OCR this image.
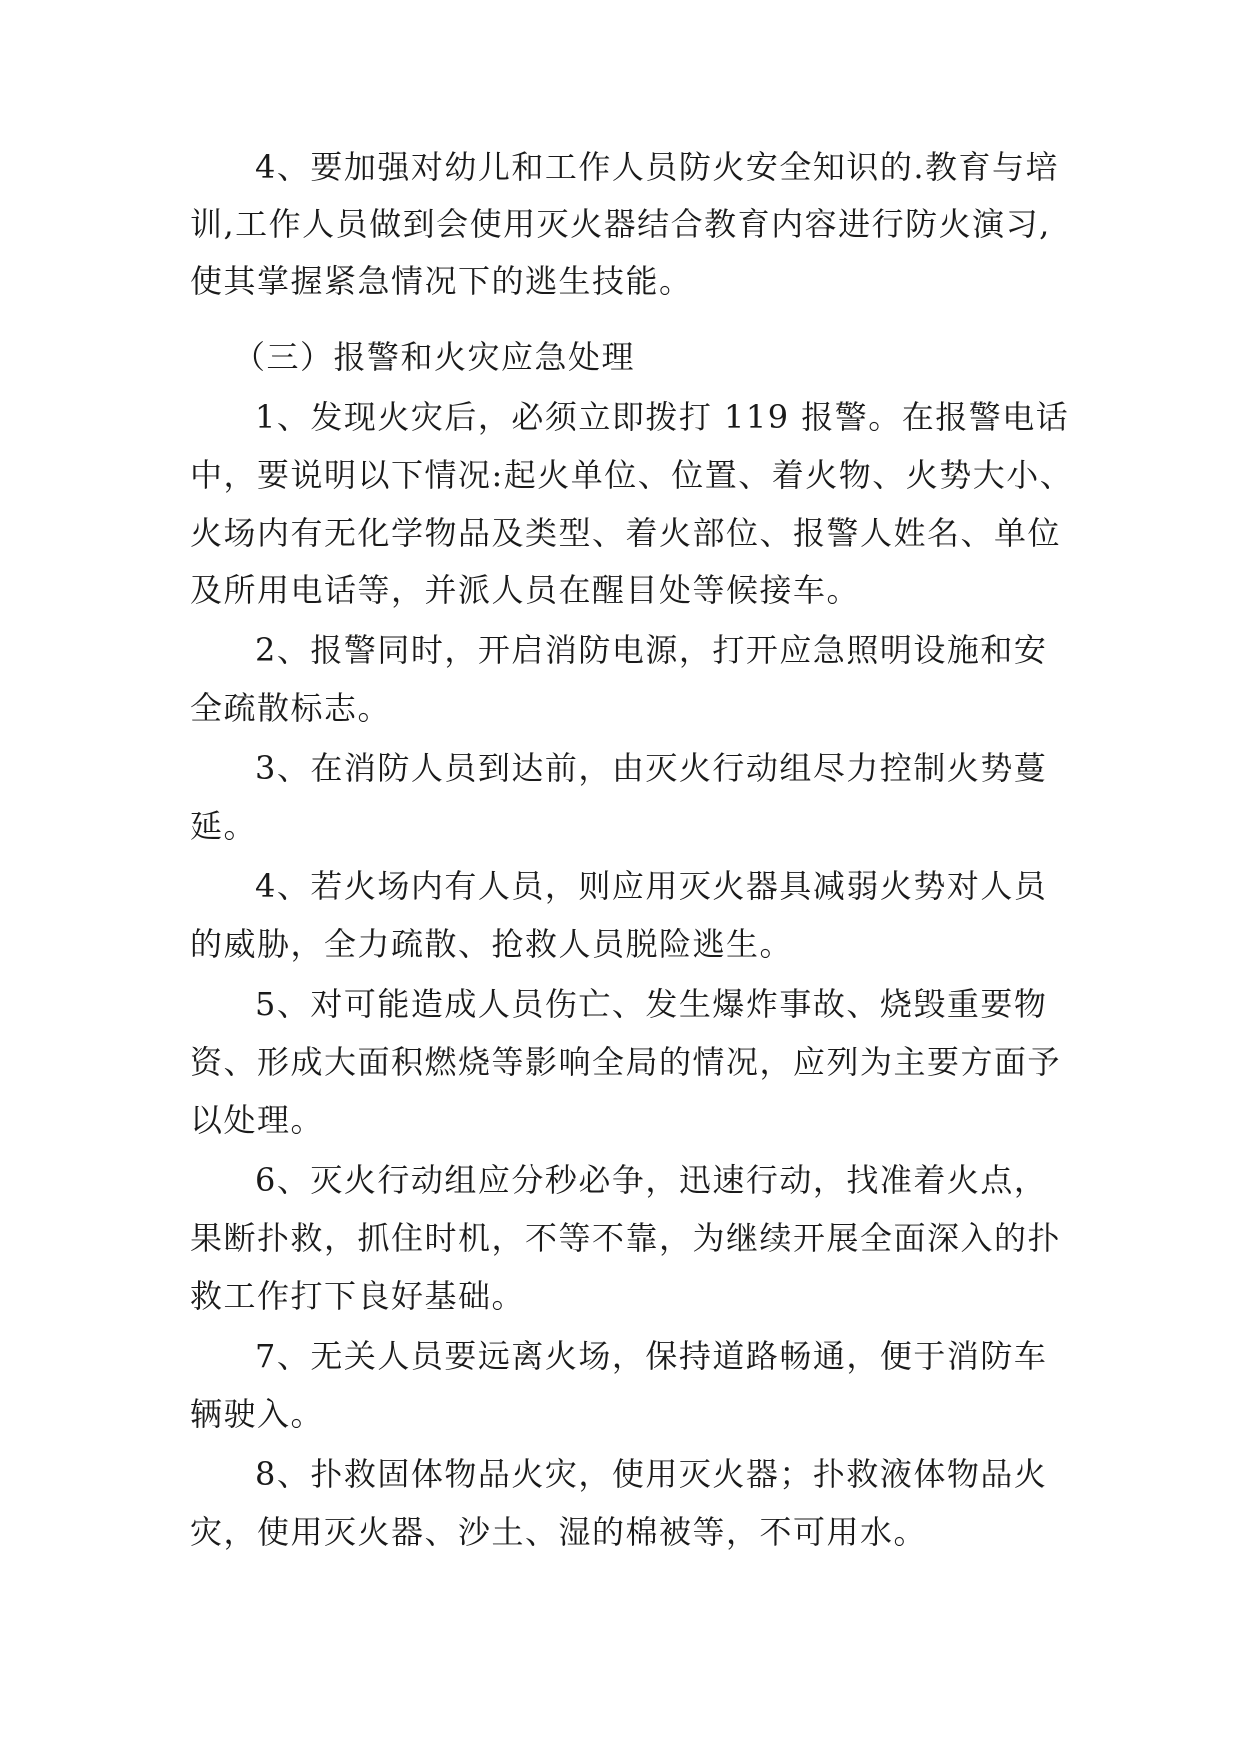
4、要加强对幼儿和工作人员防火安全知识的.教育与培
训,工作人员做到会使用灭火器结合教育内容进行防火演习,
使其掌握紧急情况下的逃生技能。
（三）报警和火灾应急处理
1、发现火灾后，必须立即拨打 119 报警。在报警电话
中，要说明以下情况:起火单位、位置、着火物、火势大小、
火场内有无化学物品及类型、着火部位、报警人姓名、单位
及所用电话等，并派人员在醒目处等候接车。
2、报警同时，开启消防电源，打开应急照明设施和安
全疏散标志。
3、在消防人员到达前，由灭火行动组尽力控制火势蔓
延。
4、若火场内有人员，则应用灭火器具减弱火势对人员
的威胁，全力疏散、抢救人员脱险逃生。
5、对可能造成人员伤亡、发生爆炸事故、烧毁重要物
资、形成大面积燃烧等影响全局的情况，应列为主要方面予
以处理。
6、灭火行动组应分秒必争，迅速行动，找准着火点，
果断扑救，抓住时机，不等不靠，为继续开展全面深入的扑
救工作打下良好基础。
7、无关人员要远离火场，保持道路畅通，便于消防车
辆驶入。
8、扑救固体物品火灾，使用灭火器；扑救液体物品火
灾，使用灭火器、沙土、湿的棉被等，不可用水。
